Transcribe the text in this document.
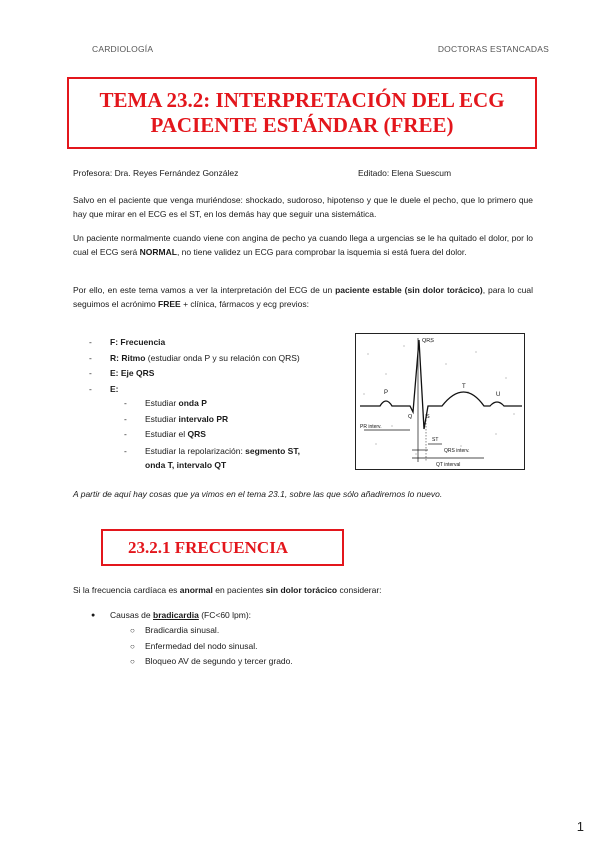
CARDIOLOGÍA	DOCTORAS ESTANCADAS
TEMA 23.2: INTERPRETACIÓN DEL ECG
PACIENTE ESTÁNDAR (FREE)
Profesora: Dra. Reyes Fernández González	Editado: Elena Suescum

Salvo en el paciente que venga muriéndose: shockado, sudoroso, hipotenso y que le duele el pecho, que lo primero que hay que mirar en el ECG es el ST, en los demás hay que seguir una sistemática.

Un paciente normalmente cuando viene con angina de pecho ya cuando llega a urgencias se le ha quitado el dolor, por lo cual el ECG será NORMAL, no tiene validez un ECG para comprobar la isquemia si está fuera del dolor.

Por ello, en este tema vamos a ver la interpretación del ECG de un paciente estable (sin dolor torácico), para lo cual seguimos el acrónimo FREE + clínica, fármacos y ecg previos:

- F: Frecuencia
- R: Ritmo (estudiar onda P y su relación con QRS)
- E: Eje QRS
- E:
- Estudiar onda P
- Estudiar intervalo PR
- Estudiar el QRS
- Estudiar la repolarización: segmento ST,
onda T, intervalo QT
QRS
P
Q S
T
U
PR interv.
ST
QRS interv.
QT interval
A partir de aquí hay cosas que ya vimos en el tema 23.1, sobre las que sólo añadiremos lo nuevo.
23.2.1 FRECUENCIA
Si la frecuencia cardíaca es anormal en pacientes sin dolor torácico considerar:
● Causas de bradicardia (FC<60 lpm):
○ Bradicardia sinusal.
○ Enfermedad del nodo sinusal.
○ Bloqueo AV de segundo y tercer grado.
1
